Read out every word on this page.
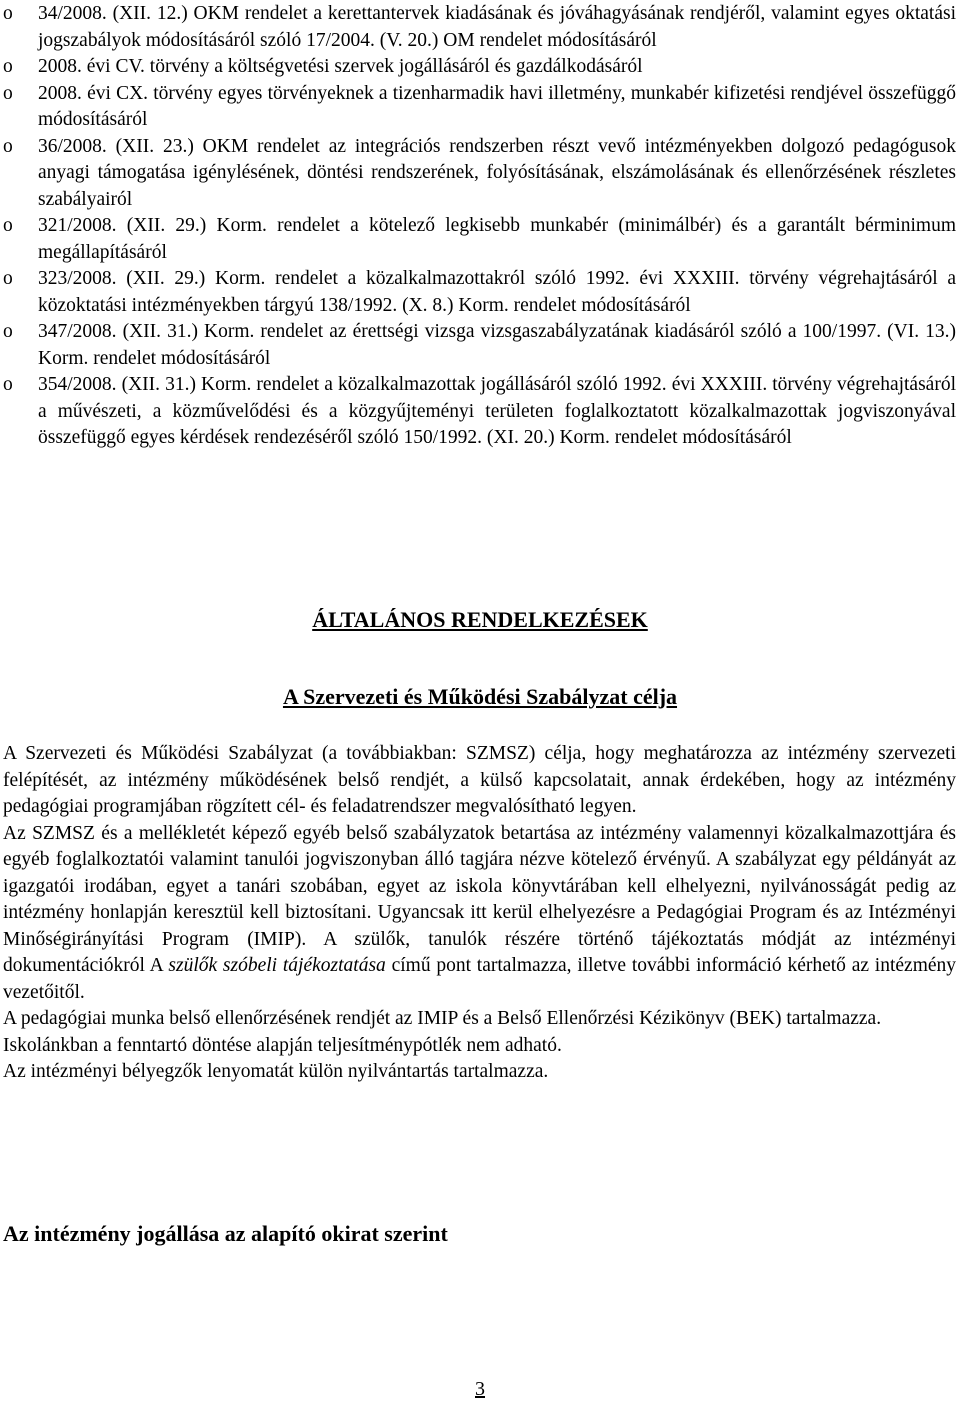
o 34/2008. (XII. 12.) OKM rendelet a kerettantervek kiadásának és jóváhagyásának rendjéről, valamint egyes oktatási jogszabályok módosításáról szóló 17/2004. (V. 20.) OM rendelet módosításáról
o 2008. évi CV. törvény a költségvetési szervek jogállásáról és gazdálkodásáról
o 2008. évi CX. törvény egyes törvényeknek a tizenharmadik havi illetmény, munkabér kifizetési rendjével összefüggő módosításáról
o 36/2008. (XII. 23.) OKM rendelet az integrációs rendszerben részt vevő intézményekben dolgozó pedagógusok anyagi támogatása igénylésének, döntési rendszerének, folyósításának, elszámolásának és ellenőrzésének részletes szabályairól
o 321/2008. (XII. 29.) Korm. rendelet a kötelező legkisebb munkabér (minimálbér) és a garantált bérminimum megállapításáról
o 323/2008. (XII. 29.) Korm. rendelet a közalkalmazottakról szóló 1992. évi XXXIII. törvény végrehajtásáról a közoktatási intézményekben tárgyú 138/1992. (X. 8.) Korm. rendelet módosításáról
o 347/2008. (XII. 31.) Korm. rendelet az érettségi vizsga vizsgaszabályzatának kiadásáról szóló a 100/1997. (VI. 13.) Korm. rendelet módosításáról
o 354/2008. (XII. 31.) Korm. rendelet a közalkalmazottak jogállásáról szóló 1992. évi XXXIII. törvény végrehajtásáról a művészeti, a közművelődési és a közgyűjteményi területen foglalkoztatott közalkalmazottak jogviszonyával összefüggő egyes kérdések rendezéséről szóló 150/1992. (XI. 20.) Korm. rendelet módosításáról
ÁLTALÁNOS RENDELKEZÉSEK
A Szervezeti és Működési Szabályzat célja

A Szervezeti és Működési Szabályzat (a továbbiakban: SZMSZ) célja, hogy meghatározza az intézmény szervezeti felépítését, az intézmény működésének belső rendjét, a külső kapcsolatait, annak érdekében, hogy az intézmény pedagógiai programjában rögzített cél- és feladatrendszer megvalósítható legyen.

Az SZMSZ és a mellékletét képező egyéb belső szabályzatok betartása az intézmény valamennyi közalkalmazottjára és egyéb foglalkoztatói valamint tanulói jogviszonyban álló tagjára nézve kötelező érvényű. A szabályzat egy példányát az igazgatói irodában, egyet a tanári szobában, egyet az iskola könyvtárában kell elhelyezni, nyilvánosságát pedig az intézmény honlapján keresztül kell biztosítani. Ugyancsak itt kerül elhelyezésre a Pedagógiai Program és az Intézményi Minőségirányítási Program (IMIP). A szülők, tanulók részére történő tájékoztatás módját az intézményi dokumentációkról A szülők szóbeli tájékoztatása című pont tartalmazza, illetve további információ kérhető az intézmény vezetőitől.

A pedagógiai munka belső ellenőrzésének rendjét az IMIP és a Belső Ellenőrzési Kézikönyv (BEK) tartalmazza.

Iskolánkban a fenntartó döntése alapján teljesítménypótlék nem adható.

Az intézményi bélyegzők lenyomatát külön nyilvántartás tartalmazza.

Az intézmény jogállása az alapító okirat szerint
3
